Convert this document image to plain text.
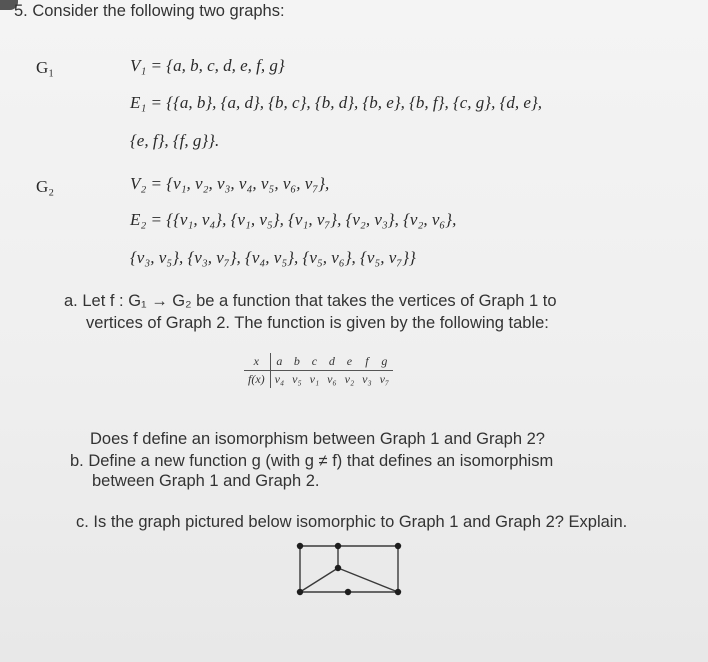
5. Consider the following two graphs:
G₁	V₁ = {a, b, c, d, e, f, g}
E₁ = {{a, b}, {a, d}, {b, c}, {b, d}, {b, e}, {b, f}, {c, g}, {d, e},
{e, f}, {f, g}}.
G₂	V₂ = {v₁, v₂, v₃, v₄, v₅, v₆, v₇},
E₂ = {{v₁, v₄}, {v₁, v₅}, {v₁, v₇}, {v₂, v₃}, {v₂, v₆},
{v₃, v₅}, {v₃, v₇}, {v₄, v₅}, {v₅, v₆}, {v₅, v₇}}
a. Let f : G₁ → G₂ be a function that takes the vertices of Graph 1 to
vertices of Graph 2. The function is given by the following table:
x	a	b	c	d	e	f	g
f(x)	v₄	v₅	v₁	v₆	v₂	v₃	v₇
Does f define an isomorphism between Graph 1 and Graph 2?
b. Define a new function g (with g ≠ f) that defines an isomorphism
between Graph 1 and Graph 2.
c. Is the graph pictured below isomorphic to Graph 1 and Graph 2? Explain.
